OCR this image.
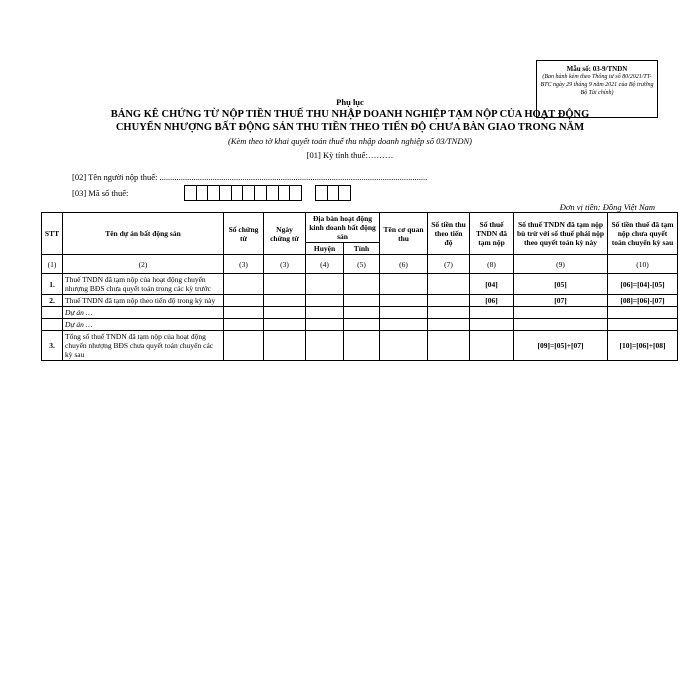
Mẫu số: 03-9/TNDN
(Ban hành kèm theo Thông tư số 80/2021/TT-BTC ngày 29 tháng 9 năm 2021 của Bộ trưởng Bộ Tài chính)
Phụ lục
BẢNG KÊ CHỨNG TỪ NỘP TIỀN THUẾ THU NHẬP DOANH NGHIỆP TẠM NỘP CỦA HOẠT ĐỘNG
CHUYỂN NHƯỢNG BẤT ĐỘNG SẢN THU TIỀN THEO TIẾN ĐỘ CHƯA BÀN GIAO TRONG NĂM
(Kèm theo tờ khai quyết toán thuế thu nhập doanh nghiệp số 03/TNDN)
[01] Kỳ tính thuế:………
[02] Tên người nộp thuế: ..............................................................................................................................
[03] Mã số thuế:
Đơn vị tiền: Đồng Việt Nam
STT	Tên dự án bất động sản	Số chứng từ	Ngày chứng từ	Địa bàn hoạt động kinh doanh bất động sản		Tên cơ quan thu	Số tiền thu theo tiến độ	Số thuế TNDN đã tạm nộp	Số thuế TNDN đã tạm nộp bù trừ với số thuế phải nộp theo quyết toán kỳ này	Số tiền thuế đã tạm nộp chưa quyết toán chuyển kỳ sau
				Huyện	Tỉnh					
(1)	(2)	(3)	(3)	(4)	(5)	(6)	(7)	(8)	(9)	(10)
1.	Thuế TNDN đã tạm nộp của hoạt động chuyển nhượng BĐS chưa quyết toán trong các kỳ trước							[04]	[05]	[06]=[04]-[05]
2.	Thuế TNDN đã tạm nộp theo tiến độ trong kỳ này							[06]	[07]	[08]=[06]-[07]
	Dự án …									
	Dự án …									
3.	Tổng số thuế TNDN đã tạm nộp của hoạt động chuyển nhượng BĐS chưa quyết toán chuyển các kỳ sau								[09]=[05]+[07]	[10]=[06]+[08]
